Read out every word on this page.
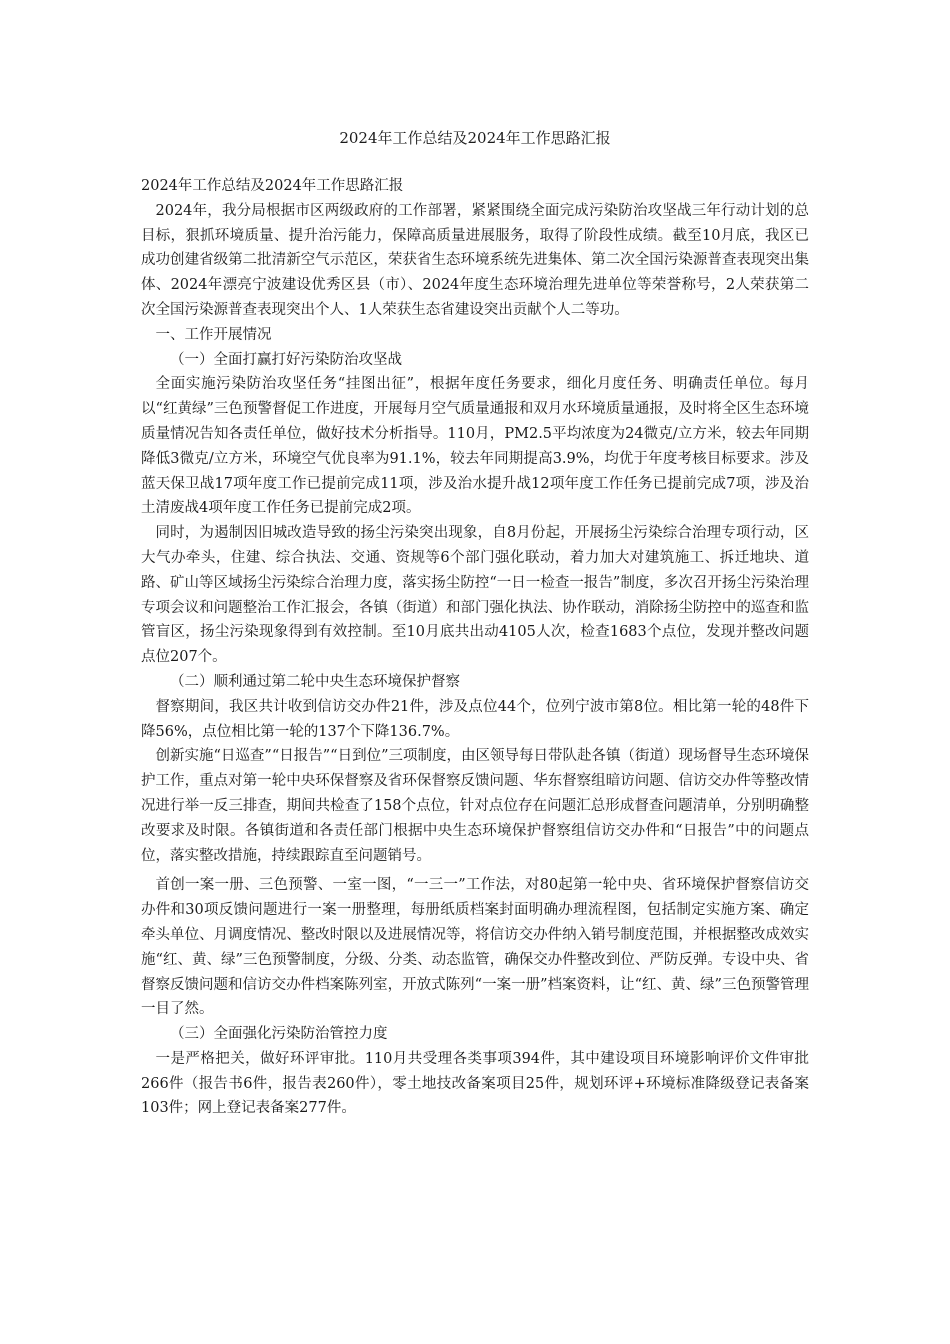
2024年工作总结及2024年工作思路汇报

2024年工作总结及2024年工作思路汇报

2024年，我分局根据市区两级政府的工作部署，紧紧围绕全面完成污染防治攻坚战三年行动计划的总目标，狠抓环境质量、提升治污能力，保障高质量进展服务，取得了阶段性成绩。截至10月底，我区已成功创建省级第二批清新空气示范区，荣获省生态环境系统先进集体、第二次全国污染源普查表现突出集体、2024年漂亮宁波建设优秀区县（市）、2024年度生态环境治理先进单位等荣誉称号，2人荣获第二次全国污染源普查表现突出个人、1人荣获生态省建设突出贡献个人二等功。

一、工作开展情况

（一）全面打赢打好污染防治攻坚战

全面实施污染防治攻坚任务“挂图出征”，根据年度任务要求，细化月度任务、明确责任单位。每月以“红黄绿”三色预警督促工作进度，开展每月空气质量通报和双月水环境质量通报，及时将全区生态环境质量情况告知各责任单位，做好技术分析指导。110月，PM2.5平均浓度为24微克/立方米，较去年同期降低3微克/立方米，环境空气优良率为91.1%，较去年同期提高3.9%，均优于年度考核目标要求。涉及蓝天保卫战17项年度工作已提前完成11项，涉及治水提升战12项年度工作任务已提前完成7项，涉及治土清废战4项年度工作任务已提前完成2项。

同时，为遏制因旧城改造导致的扬尘污染突出现象，自8月份起，开展扬尘污染综合治理专项行动，区大气办牵头，住建、综合执法、交通、资规等6个部门强化联动，着力加大对建筑施工、拆迁地块、道路、矿山等区域扬尘污染综合治理力度，落实扬尘防控“一日一检查一报告”制度，多次召开扬尘污染治理专项会议和问题整治工作汇报会，各镇（街道）和部门强化执法、协作联动，消除扬尘防控中的巡查和监管盲区，扬尘污染现象得到有效控制。至10月底共出动4105人次，检查1683个点位，发现并整改问题点位207个。

（二）顺利通过第二轮中央生态环境保护督察

督察期间，我区共计收到信访交办件21件，涉及点位44个，位列宁波市第8位。相比第一轮的48件下降56%，点位相比第一轮的137个下降136.7%。

创新实施“日巡查”“日报告”“日到位”三项制度，由区领导每日带队赴各镇（街道）现场督导生态环境保护工作，重点对第一轮中央环保督察及省环保督察反馈问题、华东督察组暗访问题、信访交办件等整改情况进行举一反三排查，期间共检查了158个点位，针对点位存在问题汇总形成督查问题清单，分别明确整改要求及时限。各镇街道和各责任部门根据中央生态环境保护督察组信访交办件和“日报告”中的问题点位，落实整改措施，持续跟踪直至问题销号。

首创一案一册、三色预警、一室一图，“一三一”工作法，对80起第一轮中央、省环境保护督察信访交办件和30项反馈问题进行一案一册整理，每册纸质档案封面明确办理流程图，包括制定实施方案、确定牵头单位、月调度情况、整改时限以及进展情况等，将信访交办件纳入销号制度范围，并根据整改成效实施“红、黄、绿”三色预警制度，分级、分类、动态监管，确保交办件整改到位、严防反弹。专设中央、省督察反馈问题和信访交办件档案陈列室，开放式陈列“一案一册”档案资料，让“红、黄、绿”三色预警管理一目了然。

（三）全面强化污染防治管控力度

一是严格把关，做好环评审批。110月共受理各类事项394件，其中建设项目环境影响评价文件审批266件（报告书6件，报告表260件），零土地技改备案项目25件，规划环评+环境标准降级登记表备案103件；网上登记表备案277件。
